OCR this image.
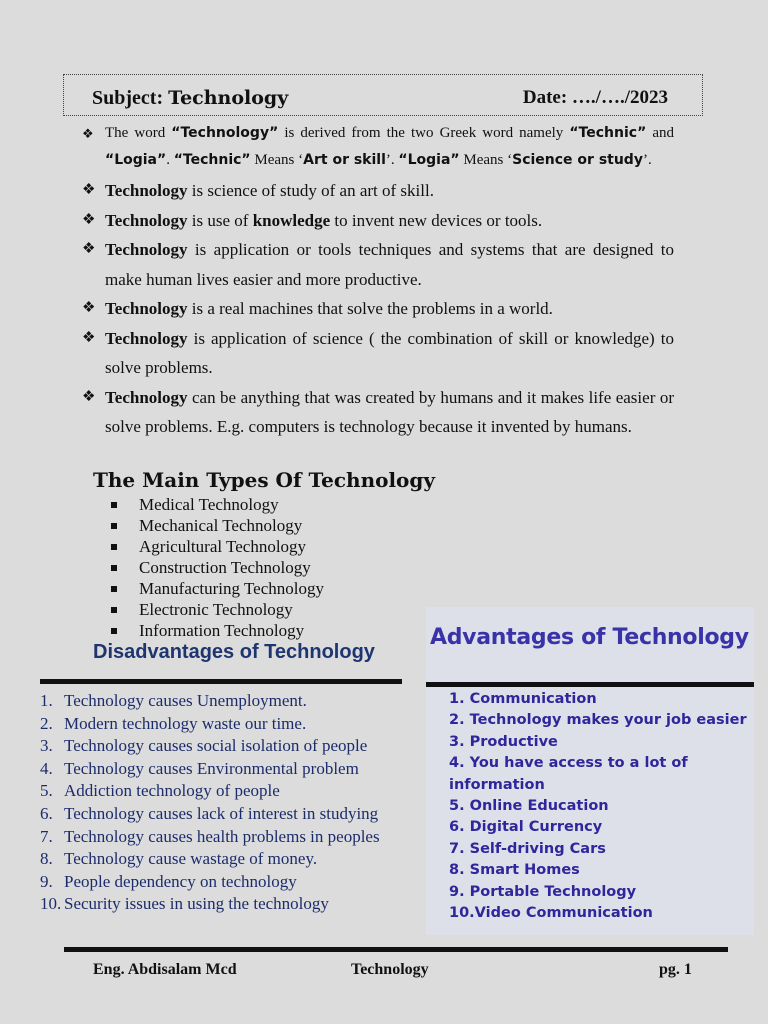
Subject: Technology	Date: …./…./2023
❖ The word “Technology” is derived from the two Greek word namely “Technic” and “Logia”. “Technic” Means ‘Art or skill’. “Logia” Means ‘Science or study’.
❖ Technology is science of study of an art of skill.
❖ Technology is use of knowledge to invent new devices or tools.
❖ Technology is application or tools techniques and systems that are designed to make human lives easier and more productive.
❖ Technology is a real machines that solve the problems in a world.
❖ Technology is application of science ( the combination of skill or knowledge) to solve problems.
❖ Technology can be anything that was created by humans and it makes life easier or solve problems. E.g. computers is technology because it invented by humans.
The Main Types Of Technology
Medical Technology
Mechanical Technology
Agricultural Technology
Construction Technology
Manufacturing Technology
Electronic Technology
Information Technology
Disadvantages of Technology
1. Technology causes Unemployment.
2. Modern technology waste our time.
3. Technology causes social isolation of people
4. Technology causes Environmental problem
5. Addiction technology of people
6. Technology causes lack of interest in studying
7. Technology causes health problems in peoples
8. Technology cause wastage of money.
9. People dependency on technology
10. Security issues in using the technology
Advantages of Technology
1. Communication
2. Technology makes your job easier
3. Productive
4. You have access to a lot of information
5. Online Education
6. Digital Currency
7. Self-driving Cars
8. Smart Homes
9. Portable Technology
10.Video Communication
Eng. Abdisalam Mcd	Technology	pg. 1
